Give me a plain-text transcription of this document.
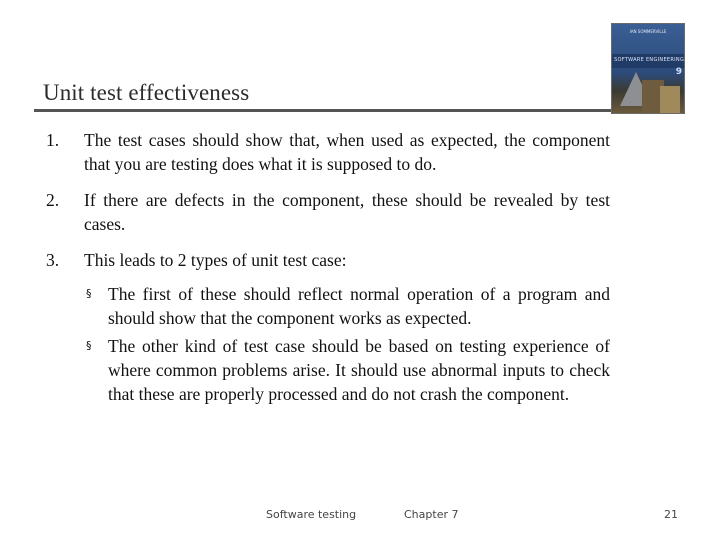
Unit test effectiveness
IAN SOMMERVILLE
SOFTWARE ENGINEERING
9
1.	The test cases should show that, when used as expected, the component that you are testing does what it is supposed to do.
2.	If there are defects in the component, these should be revealed by test cases.
3.	This leads to 2 types of unit test case:
§ The first of these should reflect normal operation of a program and should show that the component works as expected.
§ The other kind of test case should be based on testing experience of where common problems arise. It should use abnormal inputs to check that these are properly processed and do not crash the component.
Software testing	Chapter 7	21
